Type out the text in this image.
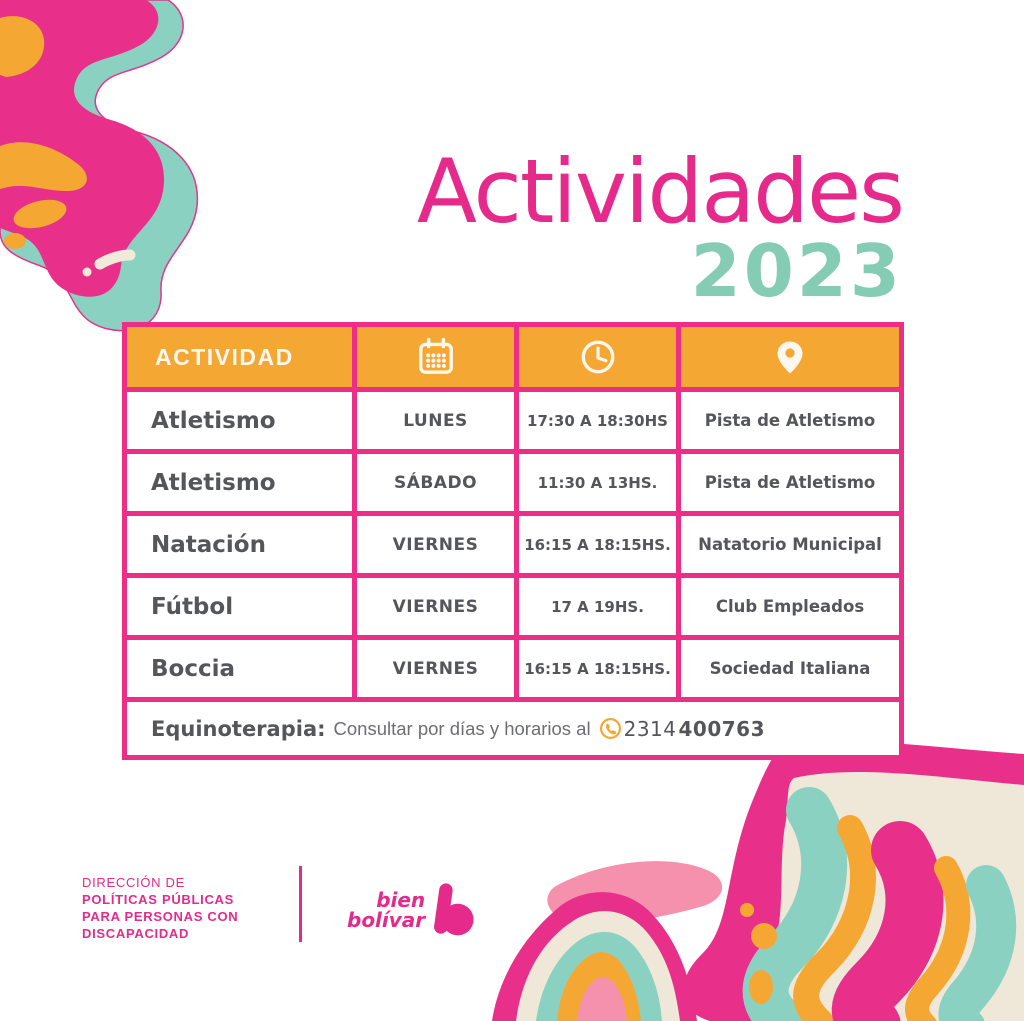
Actividades
2023
ACTIVIDAD
Atletismo	LUNES	17:30 A 18:30HS	Pista de Atletismo
Atletismo	SÁBADO	11:30 A 13HS.	Pista de Atletismo
Natación	VIERNES	16:15 A 18:15HS.	Natatorio Municipal
Fútbol	VIERNES	17 A 19HS.	Club Empleados
Boccia	VIERNES	16:15 A 18:15HS.	Sociedad Italiana
Equinoterapia: Consultar por días y horarios al 2314 400763
DIRECCIÓN DE
POLÍTICAS PÚBLICAS
PARA PERSONAS CON
DISCAPACIDAD
bien
bolívar
